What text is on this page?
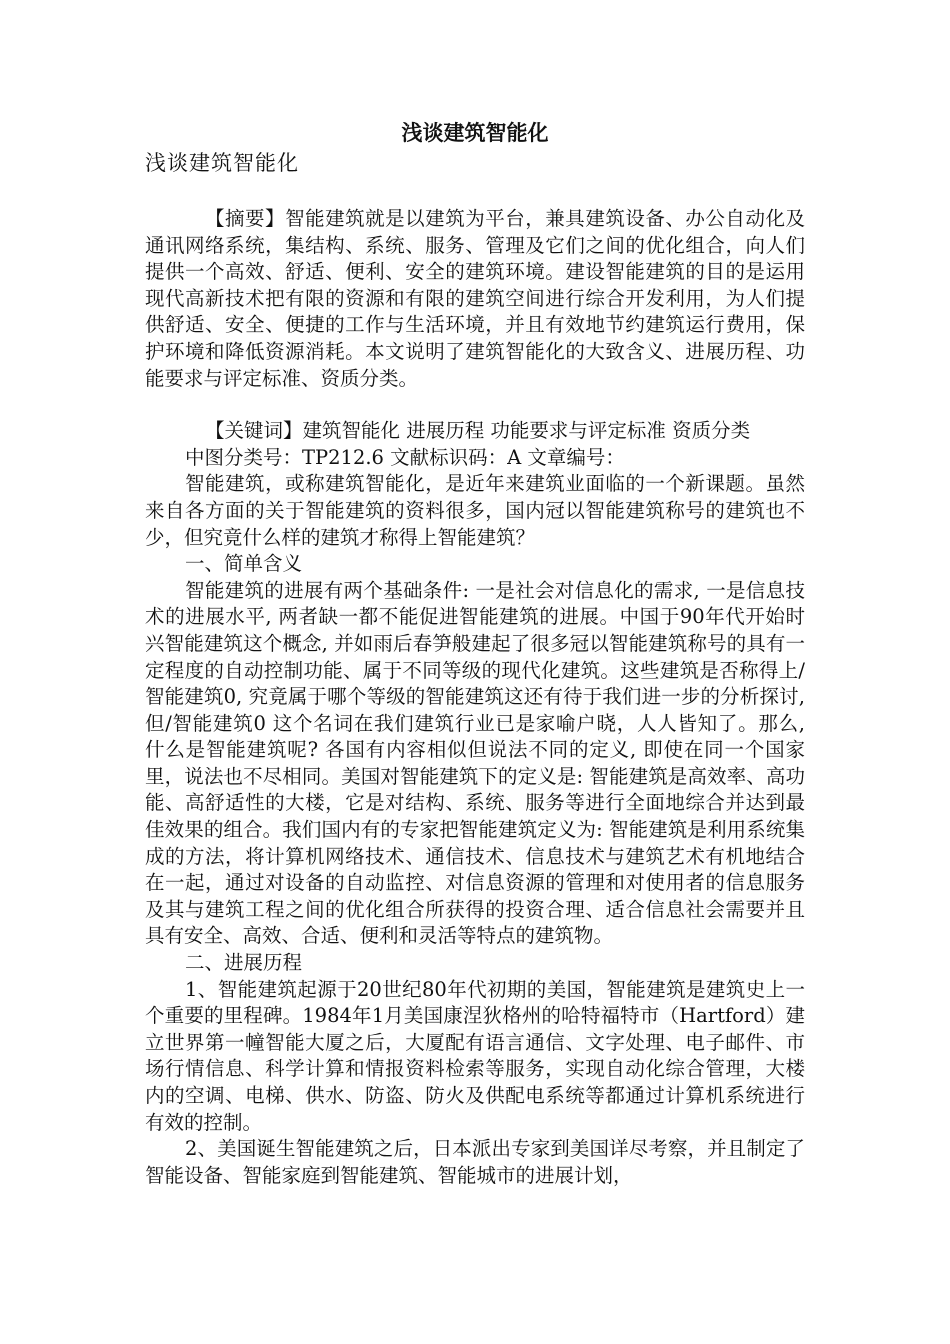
浅谈建筑智能化

浅谈建筑智能化

【摘要】智能建筑就是以建筑为平台，兼具建筑设备、办公自动化及通讯网络系统，集结构、系统、服务、管理及它们之间的优化组合，向人们提供一个高效、舒适、便利、安全的建筑环境。建设智能建筑的目的是运用现代高新技术把有限的资源和有限的建筑空间进行综合开发利用，为人们提供舒适、安全、便捷的工作与生活环境，并且有效地节约建筑运行费用，保护环境和降低资源消耗。本文说明了建筑智能化的大致含义、进展历程、功能要求与评定标准、资质分类。

【关键词】建筑智能化 进展历程 功能要求与评定标准 资质分类

中图分类号：TP212.6 文献标识码：A 文章编号：

智能建筑，或称建筑智能化，是近年来建筑业面临的一个新课题。虽然来自各方面的关于智能建筑的资料很多，国内冠以智能建筑称号的建筑也不少，但究竟什么样的建筑才称得上智能建筑？

一、简单含义

智能建筑的进展有两个基础条件: 一是社会对信息化的需求, 一是信息技术的进展水平, 两者缺一都不能促进智能建筑的进展。中国于90年代开始时兴智能建筑这个概念, 并如雨后春笋般建起了很多冠以智能建筑称号的具有一定程度的自动控制功能、属于不同等级的现代化建筑。这些建筑是否称得上/ 智能建筑0, 究竟属于哪个等级的智能建筑这还有待于我们进一步的分析探讨, 但/智能建筑0 这个名词在我们建筑行业已是家喻户晓，人人皆知了。那么, 什么是智能建筑呢? 各国有内容相似但说法不同的定义, 即使在同一个国家里，说法也不尽相同。美国对智能建筑下的定义是: 智能建筑是高效率、高功能、高舒适性的大楼，它是对结构、系统、服务等进行全面地综合并达到最佳效果的组合。我们国内有的专家把智能建筑定义为: 智能建筑是利用系统集成的方法，将计算机网络技术、通信技术、信息技术与建筑艺术有机地结合在一起，通过对设备的自动监控、对信息资源的管理和对使用者的信息服务及其与建筑工程之间的优化组合所获得的投资合理、适合信息社会需要并且具有安全、高效、合适、便利和灵活等特点的建筑物。

二、进展历程

1、智能建筑起源于20世纪80年代初期的美国，智能建筑是建筑史上一个重要的里程碑。1984年1月美国康涅狄格州的哈特福特市（Hartford）建立世界第一幢智能大厦之后，大厦配有语言通信、文字处理、电子邮件、市场行情信息、科学计算和情报资料检索等服务，实现自动化综合管理，大楼内的空调、电梯、供水、防盗、防火及供配电系统等都通过计算机系统进行有效的控制。

2、美国诞生智能建筑之后，日本派出专家到美国详尽考察，并且制定了智能设备、智能家庭到智能建筑、智能城市的进展计划，
